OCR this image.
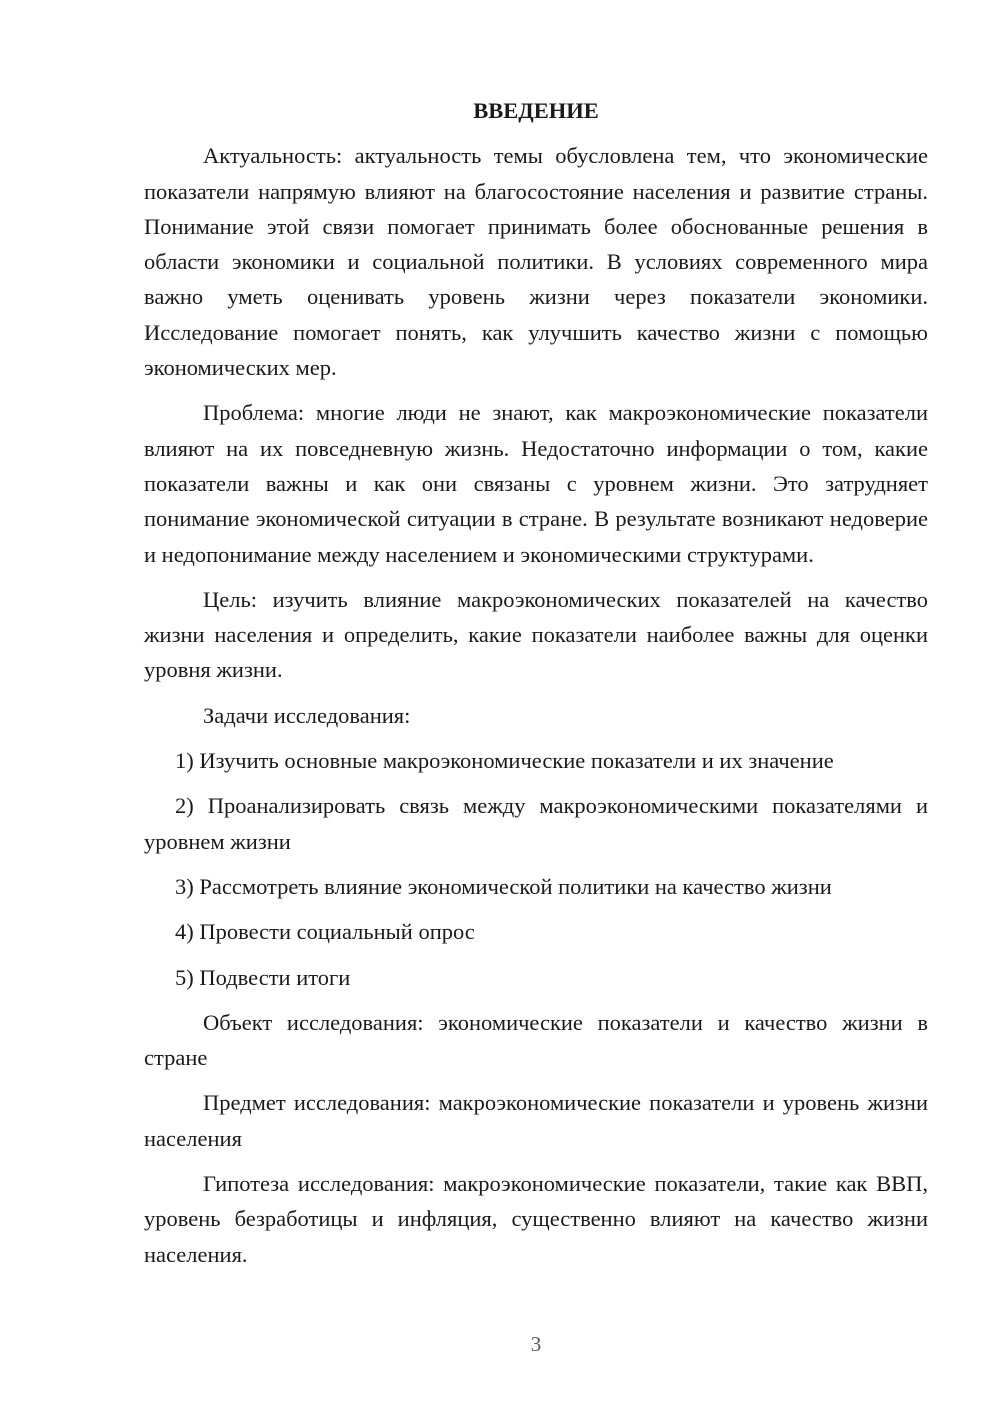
ВВЕДЕНИЕ

Актуальность: актуальность темы обусловлена тем, что экономические показатели напрямую влияют на благосостояние населения и развитие страны. Понимание этой связи помогает принимать более обоснованные решения в области экономики и социальной политики. В условиях современного мира важно уметь оценивать уровень жизни через показатели экономики. Исследование помогает понять, как улучшить качество жизни с помощью экономических мер.

Проблема: многие люди не знают, как макроэкономические показатели влияют на их повседневную жизнь. Недостаточно информации о том, какие показатели важны и как они связаны с уровнем жизни. Это затрудняет понимание экономической ситуации в стране. В результате возникают недоверие и недопонимание между населением и экономическими структурами.

Цель: изучить влияние макроэкономических показателей на качество жизни населения и определить, какие показатели наиболее важны для оценки уровня жизни.

Задачи исследования:

1) Изучить основные макроэкономические показатели и их значение

2) Проанализировать связь между макроэкономическими показателями и уровнем жизни

3) Рассмотреть влияние экономической политики на качество жизни

4) Провести социальный опрос

5) Подвести итоги

Объект исследования: экономические показатели и качество жизни в стране

Предмет исследования: макроэкономические показатели и уровень жизни населения

Гипотеза исследования: макроэкономические показатели, такие как ВВП, уровень безработицы и инфляция, существенно влияют на качество жизни населения.

3
